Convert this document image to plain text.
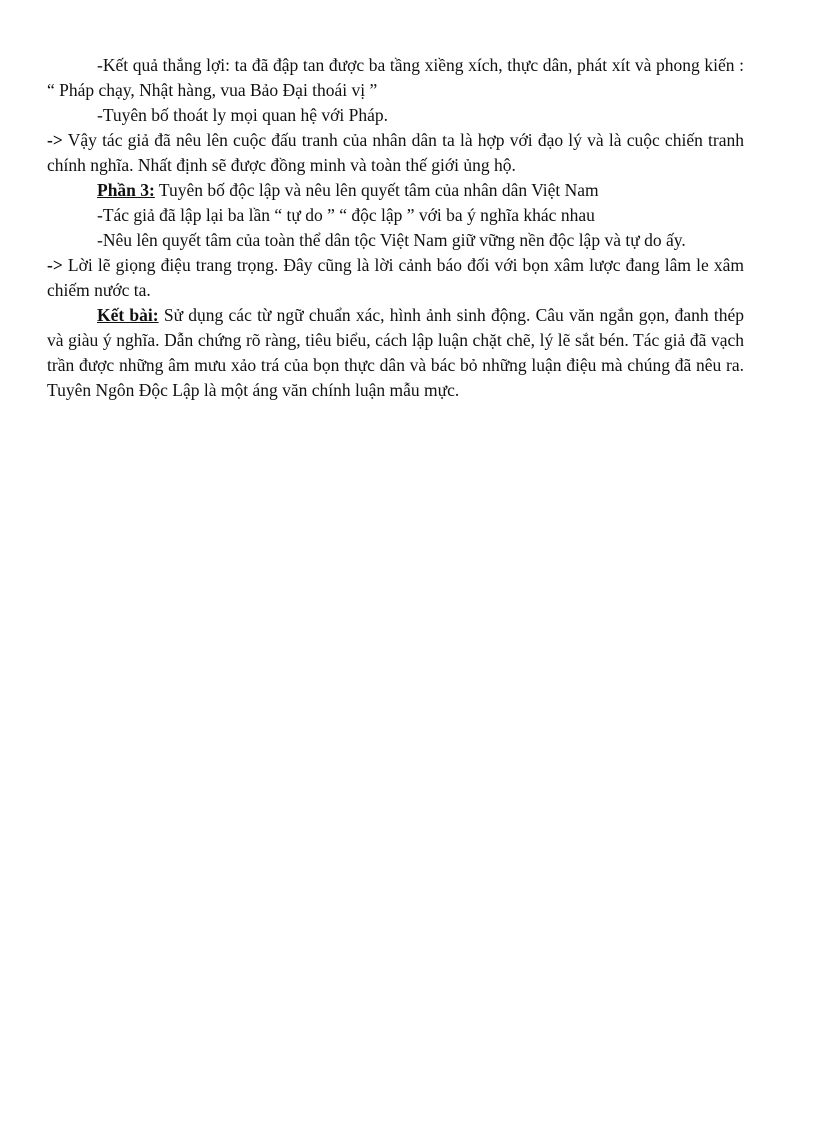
-Kết quả thắng lợi: ta đã đập tan được ba tầng xiềng xích, thực dân, phát xít và phong kiến : “ Pháp chạy, Nhật hàng, vua Bảo Đại thoái vị ”

-Tuyên bố thoát ly mọi quan hệ với Pháp.

-> Vậy tác giả đã nêu lên cuộc đấu tranh của nhân dân ta là hợp với đạo lý và là cuộc chiến tranh chính nghĩa. Nhất định sẽ được đồng minh và toàn thế giới ủng hộ.

Phần 3: Tuyên bố độc lập và nêu lên quyết tâm của nhân dân Việt Nam

-Tác giả đã lập lại ba lần “ tự do ” “ độc lập ” với ba ý nghĩa khác nhau

-Nêu lên quyết tâm của toàn thể dân tộc Việt Nam giữ vững nền độc lập và tự do ấy.

-> Lời lẽ giọng điệu trang trọng. Đây cũng là lời cảnh báo đối với bọn xâm lược đang lâm le xâm chiếm nước ta.

Kết bài: Sử dụng các từ ngữ chuẩn xác, hình ảnh sinh động. Câu văn ngắn gọn, đanh thép và giàu ý nghĩa. Dẫn chứng rõ ràng, tiêu biểu, cách lập luận chặt chẽ, lý lẽ sắt bén. Tác giả đã vạch trần được những âm mưu xảo trá của bọn thực dân và bác bỏ những luận điệu mà chúng đã nêu ra. Tuyên Ngôn Độc Lập là một áng văn chính luận mẫu mực.
